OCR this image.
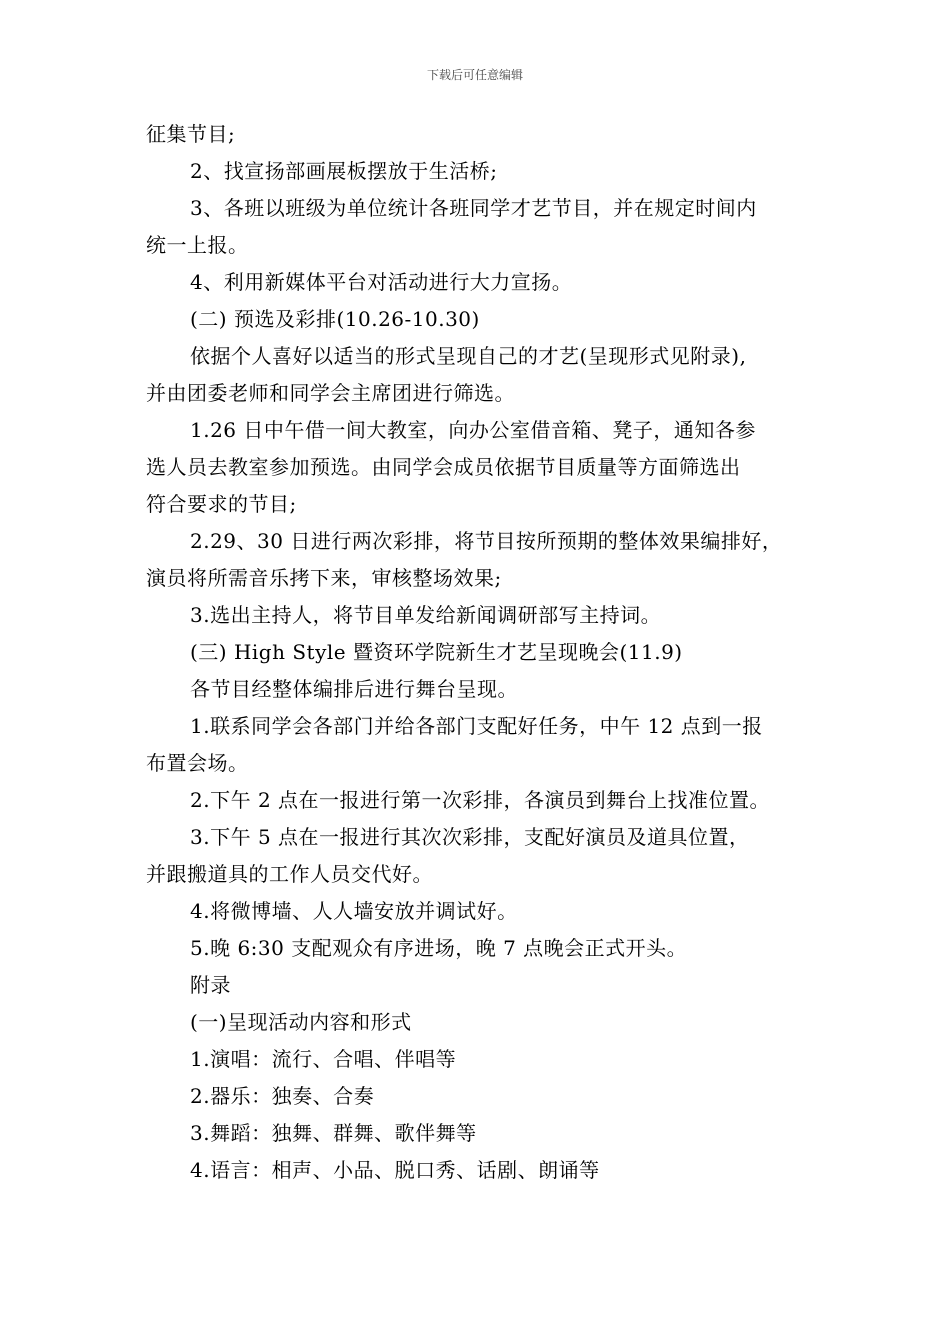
下载后可任意编辑
征集节目;
2、找宣扬部画展板摆放于生活桥;
3、各班以班级为单位统计各班同学才艺节目，并在规定时间内
统一上报。
4、利用新媒体平台对活动进行大力宣扬。
(二) 预选及彩排(10.26-10.30)
依据个人喜好以适当的形式呈现自己的才艺(呈现形式见附录),
并由团委老师和同学会主席团进行筛选。
1.26 日中午借一间大教室，向办公室借音箱、凳子，通知各参
选人员去教室参加预选。由同学会成员依据节目质量等方面筛选出
符合要求的节目;
2.29、30 日进行两次彩排，将节目按所预期的整体效果编排好，
演员将所需音乐拷下来，审核整场效果;
3.选出主持人，将节目单发给新闻调研部写主持词。
(三) High Style 暨资环学院新生才艺呈现晚会(11.9)
各节目经整体编排后进行舞台呈现。
1.联系同学会各部门并给各部门支配好任务，中午 12 点到一报
布置会场。
2.下午 2 点在一报进行第一次彩排，各演员到舞台上找准位置。
3.下午 5 点在一报进行其次次彩排，支配好演员及道具位置，
并跟搬道具的工作人员交代好。
4.将微博墙、人人墙安放并调试好。
5.晚 6:30 支配观众有序进场，晚 7 点晚会正式开头。
附录
(一)呈现活动内容和形式
1.演唱：流行、合唱、伴唱等
2.器乐：独奏、合奏
3.舞蹈：独舞、群舞、歌伴舞等
4.语言：相声、小品、脱口秀、话剧、朗诵等
